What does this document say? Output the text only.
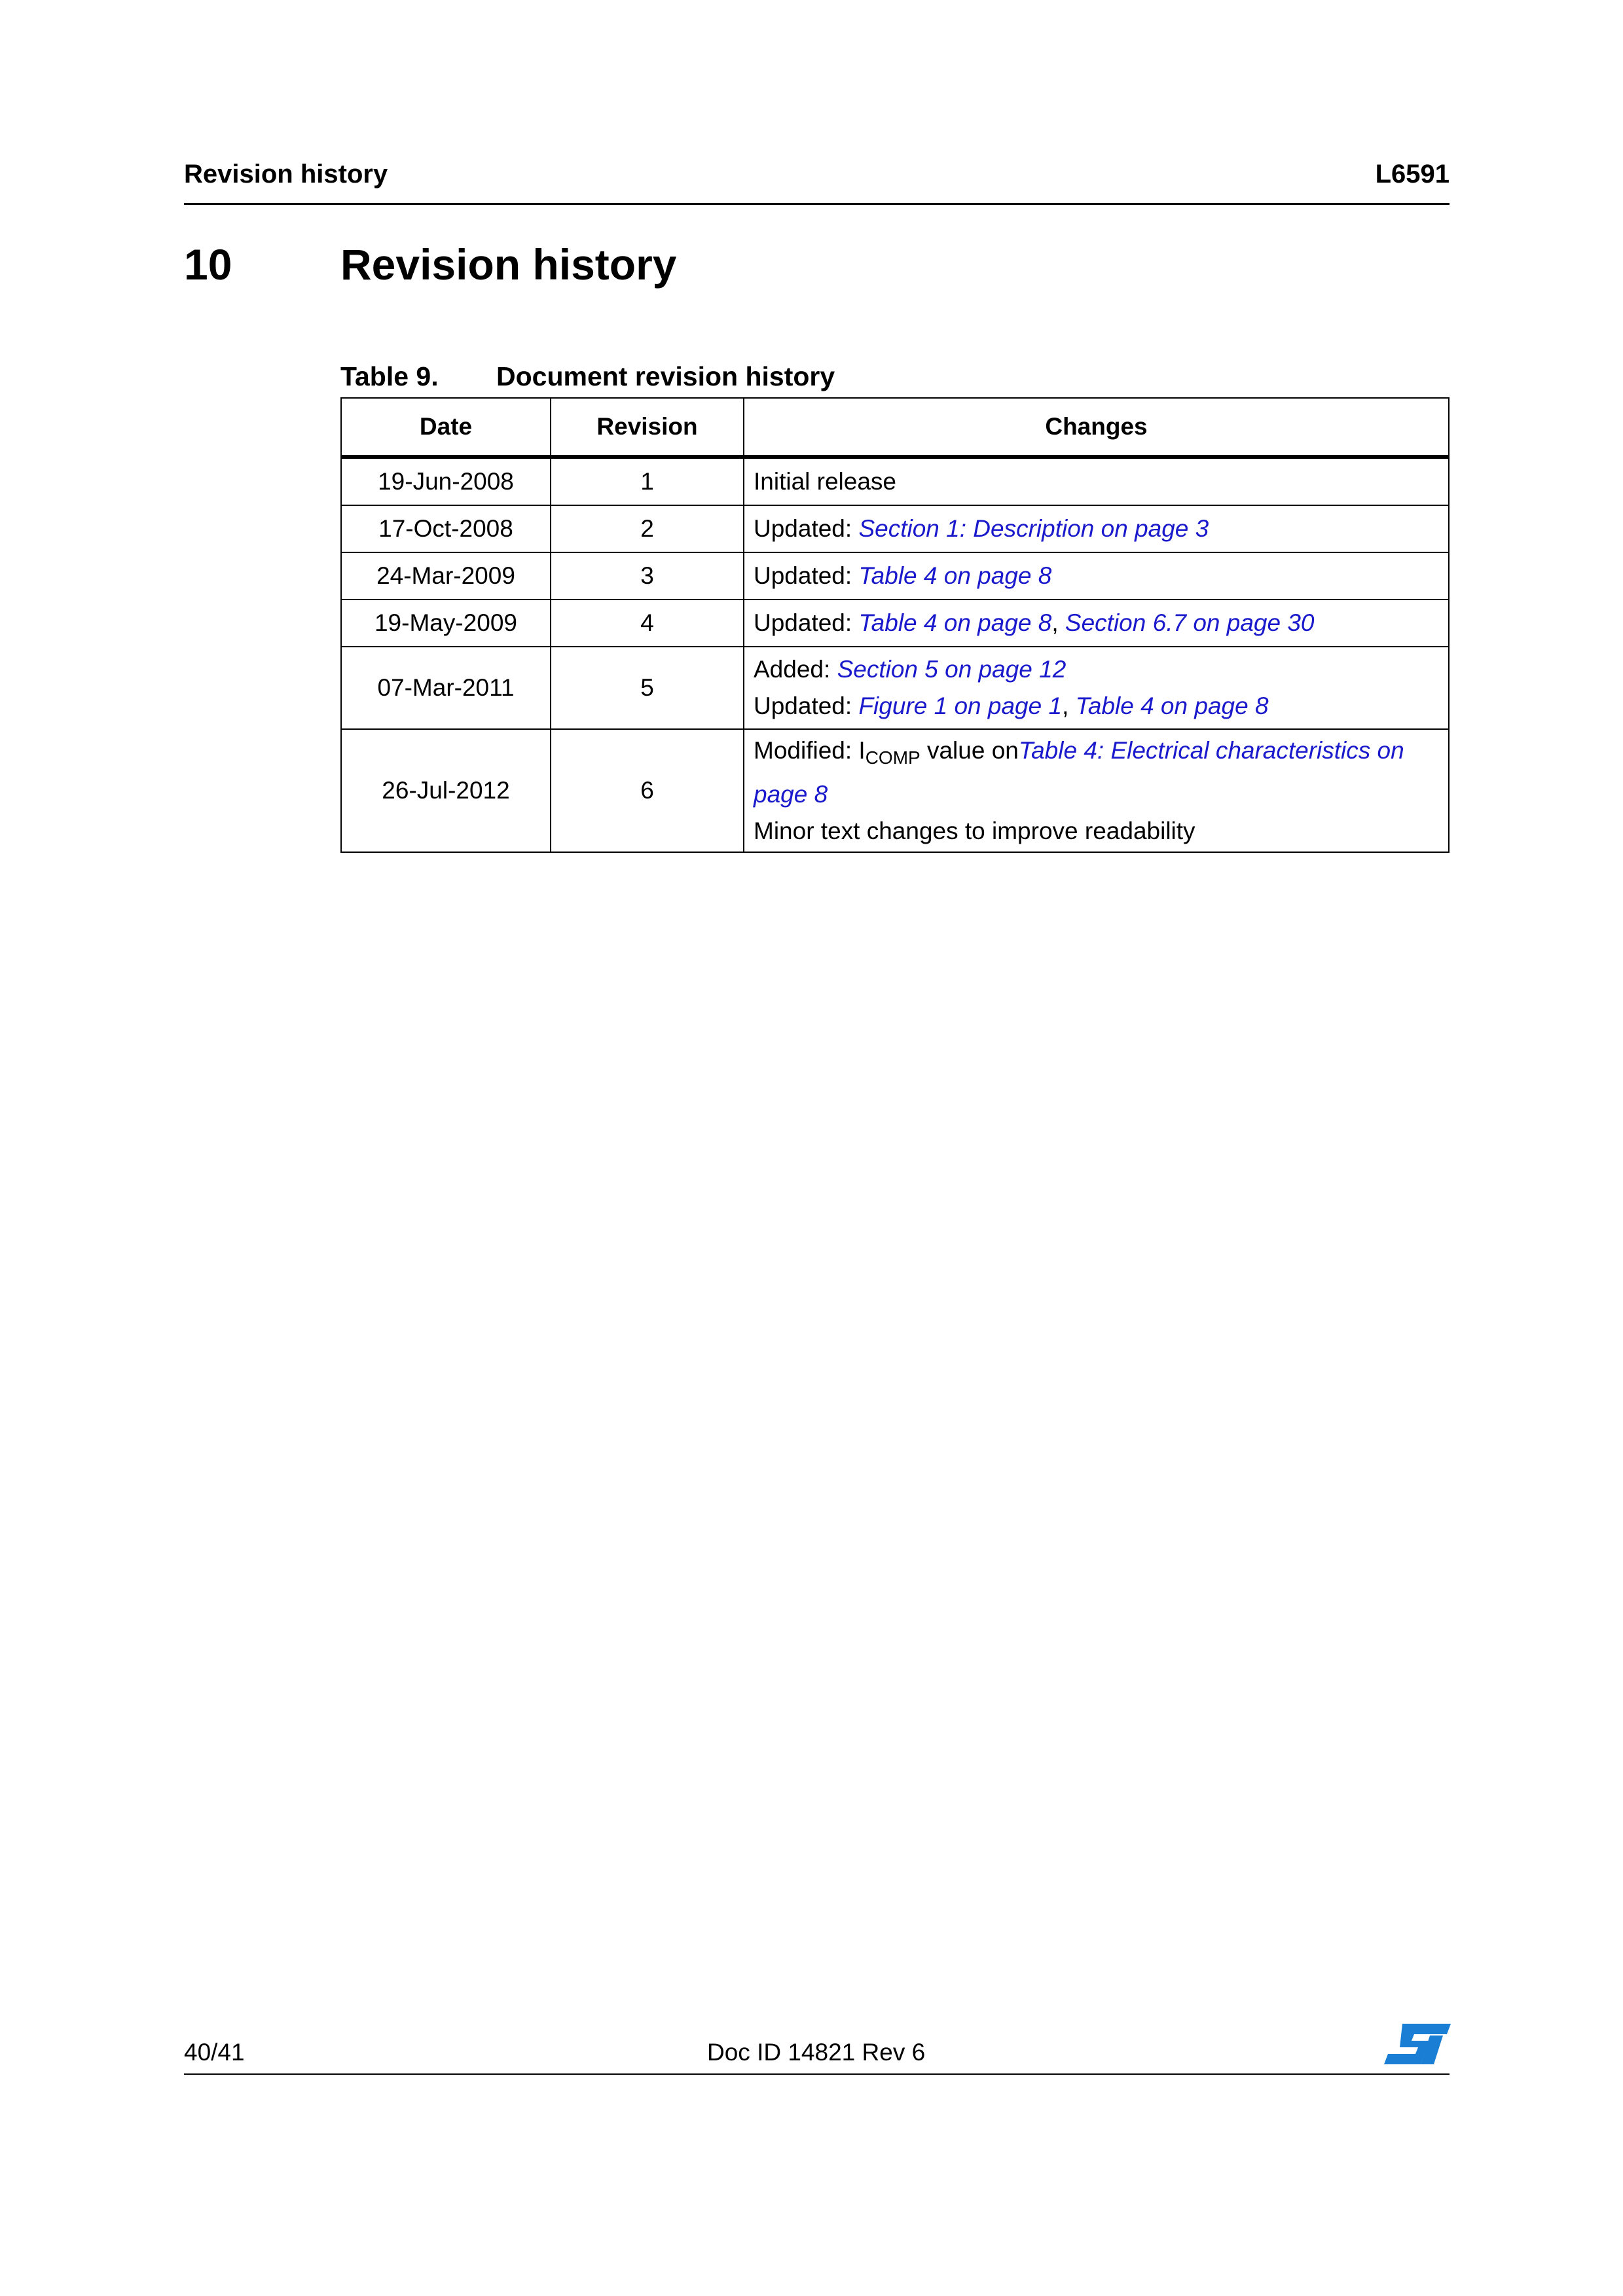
Revision history	L6591
10	Revision history
Table 9. Document revision history
Date	Revision	Changes
19-Jun-2008	1	Initial release
17-Oct-2008	2	Updated: Section 1: Description on page 3
24-Mar-2009	3	Updated: Table 4 on page 8
19-May-2009	4	Updated: Table 4 on page 8, Section 6.7 on page 30
07-Mar-2011	5	Added: Section 5 on page 12
Updated: Figure 1 on page 1, Table 4 on page 8

26-Jul-2012	6	Modified: $I_{COMP}$ value onTable 4: Electrical characteristics on page 8
Minor text changes to improve readability
40/41	Doc ID 14821 Rev 6
